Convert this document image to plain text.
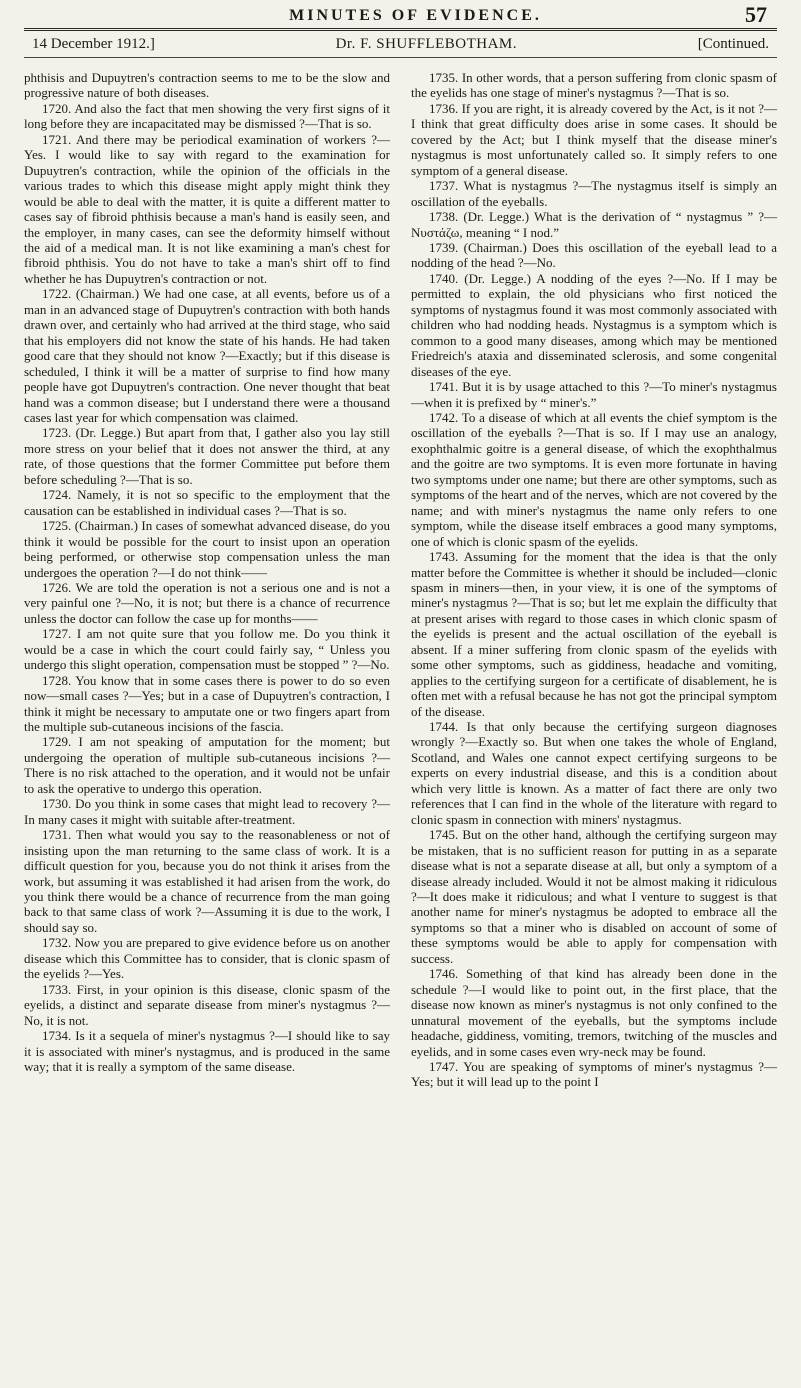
MINUTES OF EVIDENCE.	57
14 December 1912.]	Dr. F. SHUFFLEBOTHAM.	[Continued.

phthisis and Dupuytren's contraction seems to me to be the slow and progressive nature of both diseases.

1720. And also the fact that men showing the very first signs of it long before they are incapacitated may be dismissed ?—That is so.

1721. And there may be periodical examination of workers ?—Yes. I would like to say with regard to the examination for Dupuytren's contraction, while the opinion of the officials in the various trades to which this disease might apply might think they would be able to deal with the matter, it is quite a different matter to cases say of fibroid phthisis because a man's hand is easily seen, and the employer, in many cases, can see the deformity himself without the aid of a medical man. It is not like examining a man's chest for fibroid phthisis. You do not have to take a man's shirt off to find whether he has Dupuytren's contraction or not.

1722. (Chairman.) We had one case, at all events, before us of a man in an advanced stage of Dupuytren's contraction with both hands drawn over, and certainly who had arrived at the third stage, who said that his employers did not know the state of his hands. He had taken good care that they should not know ?—Exactly; but if this disease is scheduled, I think it will be a matter of surprise to find how many people have got Dupuytren's contraction. One never thought that beat hand was a common disease; but I understand there were a thousand cases last year for which compensation was claimed.

1723. (Dr. Legge.) But apart from that, I gather also you lay still more stress on your belief that it does not answer the third, at any rate, of those questions that the former Committee put before them before scheduling ?—That is so.

1724. Namely, it is not so specific to the employment that the causation can be established in individual cases ?—That is so.

1725. (Chairman.) In cases of somewhat advanced disease, do you think it would be possible for the court to insist upon an operation being performed, or otherwise stop compensation unless the man undergoes the operation ?—I do not think——

1726. We are told the operation is not a serious one and is not a very painful one ?—No, it is not; but there is a chance of recurrence unless the doctor can follow the case up for months——

1727. I am not quite sure that you follow me. Do you think it would be a case in which the court could fairly say, “ Unless you undergo this slight operation, compensation must be stopped ” ?—No.

1728. You know that in some cases there is power to do so even now—small cases ?—Yes; but in a case of Dupuytren's contraction, I think it might be necessary to amputate one or two fingers apart from the multiple sub-cutaneous incisions of the fascia.

1729. I am not speaking of amputation for the moment; but undergoing the operation of multiple sub-cutaneous incisions ?—There is no risk attached to the operation, and it would not be unfair to ask the operative to undergo this operation.

1730. Do you think in some cases that might lead to recovery ?—In many cases it might with suitable after-treatment.

1731. Then what would you say to the reasonableness or not of insisting upon the man returning to the same class of work. It is a difficult question for you, because you do not think it arises from the work, but assuming it was established it had arisen from the work, do you think there would be a chance of recurrence from the man going back to that same class of work ?—Assuming it is due to the work, I should say so.

1732. Now you are prepared to give evidence before us on another disease which this Committee has to consider, that is clonic spasm of the eyelids ?—Yes.

1733. First, in your opinion is this disease, clonic spasm of the eyelids, a distinct and separate disease from miner's nystagmus ?—No, it is not.

1734. Is it a sequela of miner's nystagmus ?—I should like to say it is associated with miner's nystagmus, and is produced in the same way; that it is really a symptom of the same disease.

1735. In other words, that a person suffering from clonic spasm of the eyelids has one stage of miner's nystagmus ?—That is so.

1736. If you are right, it is already covered by the Act, is it not ?—I think that great difficulty does arise in some cases. It should be covered by the Act; but I think myself that the disease miner's nystagmus is most unfortunately called so. It simply refers to one symptom of a general disease.

1737. What is nystagmus ?—The nystagmus itself is simply an oscillation of the eyeballs.

1738. (Dr. Legge.) What is the derivation of “ nystagmus ” ?—Νυστάζω, meaning “ I nod.”

1739. (Chairman.) Does this oscillation of the eyeball lead to a nodding of the head ?—No.

1740. (Dr. Legge.) A nodding of the eyes ?—No. If I may be permitted to explain, the old physicians who first noticed the symptoms of nystagmus found it was most commonly associated with children who had nodding heads. Nystagmus is a symptom which is common to a good many diseases, among which may be mentioned Friedreich's ataxia and disseminated sclerosis, and some congenital diseases of the eye.

1741. But it is by usage attached to this ?—To miner's nystagmus—when it is prefixed by “ miner's.”

1742. To a disease of which at all events the chief symptom is the oscillation of the eyeballs ?—That is so. If I may use an analogy, exophthalmic goitre is a general disease, of which the exophthalmus and the goitre are two symptoms. It is even more fortunate in having two symptoms under one name; but there are other symptoms, such as symptoms of the heart and of the nerves, which are not covered by the name; and with miner's nystagmus the name only refers to one symptom, while the disease itself embraces a good many symptoms, one of which is clonic spasm of the eyelids.

1743. Assuming for the moment that the idea is that the only matter before the Committee is whether it should be included—clonic spasm in miners—then, in your view, it is one of the symptoms of miner's nystagmus ?—That is so; but let me explain the difficulty that at present arises with regard to those cases in which clonic spasm of the eyelids is present and the actual oscillation of the eyeball is absent. If a miner suffering from clonic spasm of the eyelids with some other symptoms, such as giddiness, headache and vomiting, applies to the certifying surgeon for a certificate of disablement, he is often met with a refusal because he has not got the principal symptom of the disease.

1744. Is that only because the certifying surgeon diagnoses wrongly ?—Exactly so. But when one takes the whole of England, Scotland, and Wales one cannot expect certifying surgeons to be experts on every industrial disease, and this is a condition about which very little is known. As a matter of fact there are only two references that I can find in the whole of the literature with regard to clonic spasm in connection with miners' nystagmus.

1745. But on the other hand, although the certifying surgeon may be mistaken, that is no sufficient reason for putting in as a separate disease what is not a separate disease at all, but only a symptom of a disease already included. Would it not be almost making it ridiculous ?—It does make it ridiculous; and what I venture to suggest is that another name for miner's nystagmus be adopted to embrace all the symptoms so that a miner who is disabled on account of some of these symptoms would be able to apply for compensation with success.

1746. Something of that kind has already been done in the schedule ?—I would like to point out, in the first place, that the disease now known as miner's nystagmus is not only confined to the unnatural movement of the eyeballs, but the symptoms include headache, giddiness, vomiting, tremors, twitching of the muscles and eyelids, and in some cases even wry-neck may be found.

1747. You are speaking of symptoms of miner's nystagmus ?—Yes; but it will lead up to the point I
